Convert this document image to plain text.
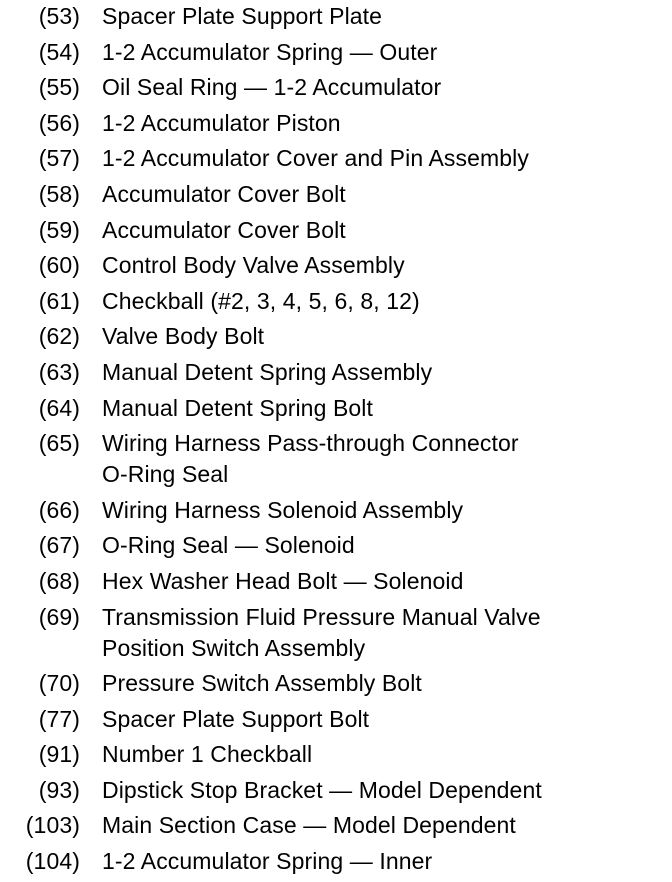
(53) Spacer Plate Support Plate
(54) 1-2 Accumulator Spring — Outer
(55) Oil Seal Ring — 1-2 Accumulator
(56) 1-2 Accumulator Piston
(57) 1-2 Accumulator Cover and Pin Assembly
(58) Accumulator Cover Bolt
(59) Accumulator Cover Bolt
(60) Control Body Valve Assembly
(61) Checkball (#2, 3, 4, 5, 6, 8, 12)
(62) Valve Body Bolt
(63) Manual Detent Spring Assembly
(64) Manual Detent Spring Bolt
(65) Wiring Harness Pass-through Connector
O-Ring Seal
(66) Wiring Harness Solenoid Assembly
(67) O-Ring Seal — Solenoid
(68) Hex Washer Head Bolt — Solenoid
(69) Transmission Fluid Pressure Manual Valve
Position Switch Assembly
(70) Pressure Switch Assembly Bolt
(77) Spacer Plate Support Bolt
(91) Number 1 Checkball
(93) Dipstick Stop Bracket — Model Dependent
(103) Main Section Case — Model Dependent
(104) 1-2 Accumulator Spring — Inner
